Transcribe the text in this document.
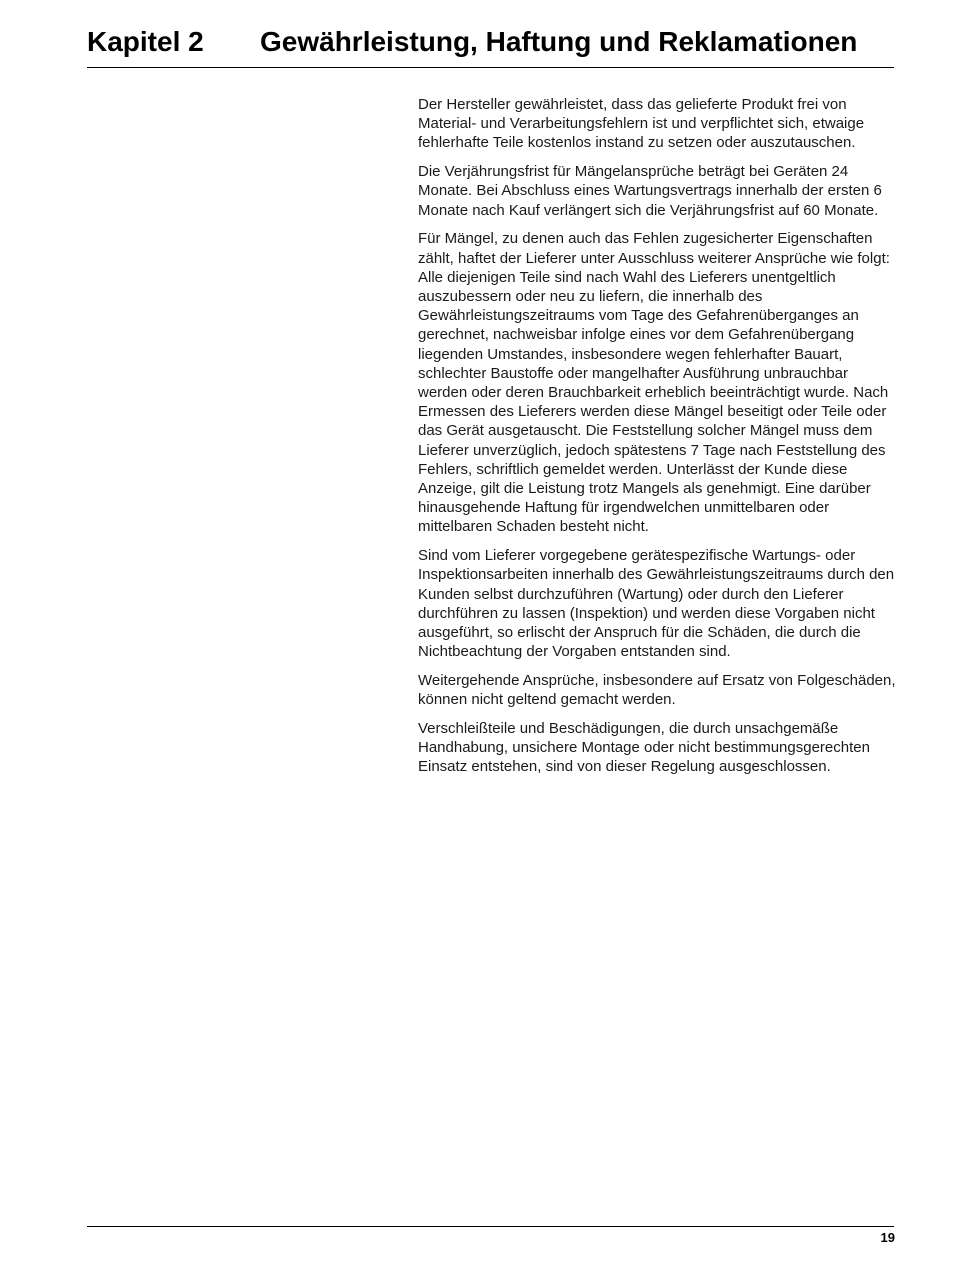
Kapitel 2 Gewährleistung, Haftung und Reklamationen

Der Hersteller gewährleistet, dass das gelieferte Produkt frei von Material- und Verarbeitungsfehlern ist und verpflichtet sich, etwaige fehlerhafte Teile kostenlos instand zu setzen oder auszutauschen.

Die Verjährungsfrist für Mängelansprüche beträgt bei Geräten 24 Monate. Bei Abschluss eines Wartungsvertrags innerhalb der ersten 6 Monate nach Kauf verlängert sich die Verjährungsfrist auf 60 Monate.

Für Mängel, zu denen auch das Fehlen zugesicherter Eigenschaften zählt, haftet der Lieferer unter Ausschluss weiterer Ansprüche wie folgt: Alle diejenigen Teile sind nach Wahl des Lieferers unentgeltlich auszubessern oder neu zu liefern, die innerhalb des Gewährleistungszeitraums vom Tage des Gefahrenüberganges an gerechnet, nachweisbar infolge eines vor dem Gefahrenübergang liegenden Umstandes, insbesondere wegen fehlerhafter Bauart, schlechter Baustoffe oder mangelhafter Ausführung unbrauchbar werden oder deren Brauchbarkeit erheblich beeinträchtigt wurde. Nach Ermessen des Lieferers werden diese Mängel beseitigt oder Teile oder das Gerät ausgetauscht. Die Feststellung solcher Mängel muss dem Lieferer unverzüglich, jedoch spätestens 7 Tage nach Feststellung des Fehlers, schriftlich gemeldet werden. Unterlässt der Kunde diese Anzeige, gilt die Leistung trotz Mangels als genehmigt. Eine darüber hinausgehende Haftung für irgendwelchen unmittelbaren oder mittelbaren Schaden besteht nicht.

Sind vom Lieferer vorgegebene gerätespezifische Wartungs- oder Inspektionsarbeiten innerhalb des Gewährleistungszeitraums durch den Kunden selbst durchzuführen (Wartung) oder durch den Lieferer durchführen zu lassen (Inspektion) und werden diese Vorgaben nicht ausgeführt, so erlischt der Anspruch für die Schäden, die durch die Nichtbeachtung der Vorgaben entstanden sind.

Weitergehende Ansprüche, insbesondere auf Ersatz von Folgeschäden, können nicht geltend gemacht werden.

Verschleißteile und Beschädigungen, die durch unsachgemäße Handhabung, unsichere Montage oder nicht bestimmungsgerechten Einsatz entstehen, sind von dieser Regelung ausgeschlossen.

19
